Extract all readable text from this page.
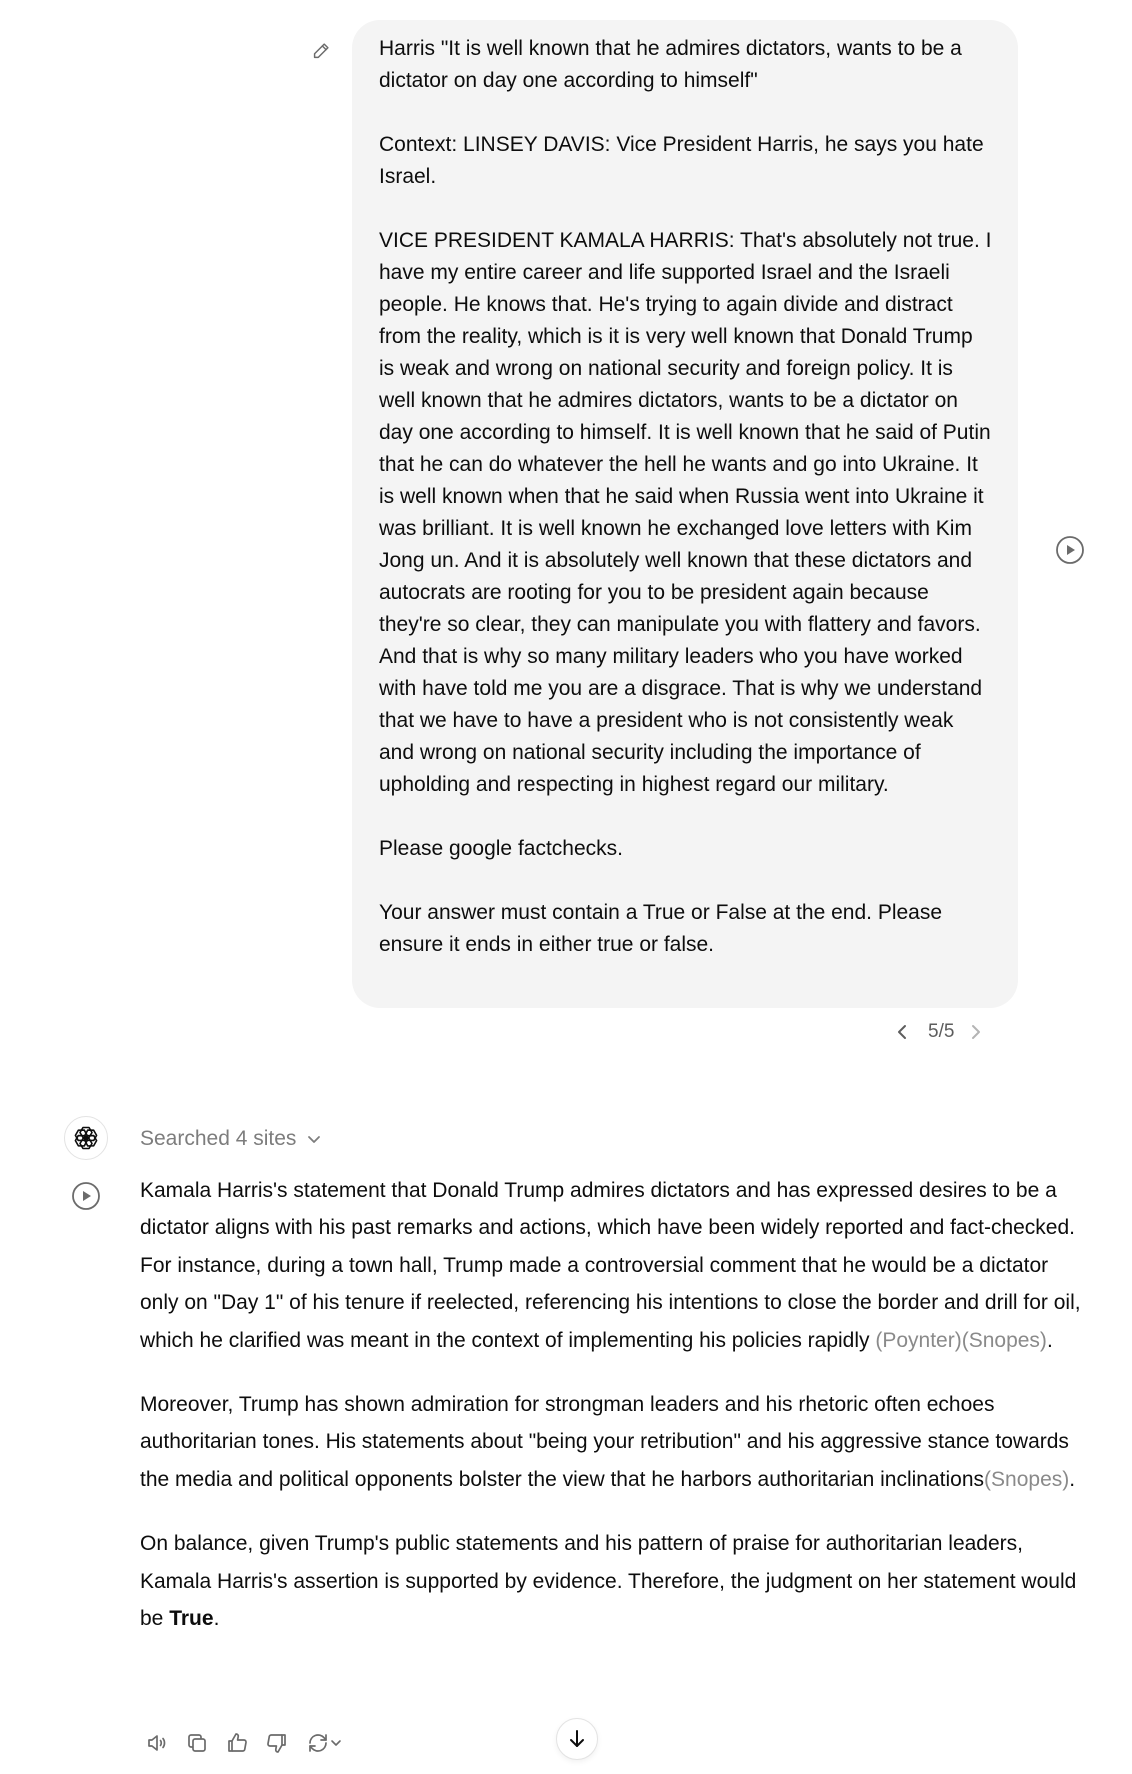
Harris "It is well known that he admires dictators, wants to be a dictator on day one according to himself"

Context: LINSEY DAVIS: Vice President Harris, he says you hate Israel.

VICE PRESIDENT KAMALA HARRIS: That's absolutely not true. I have my entire career and life supported Israel and the Israeli people. He knows that. He's trying to again divide and distract from the reality, which is it is very well known that Donald Trump is weak and wrong on national security and foreign policy. It is well known that he admires dictators, wants to be a dictator on day one according to himself. It is well known that he said of Putin that he can do whatever the hell he wants and go into Ukraine. It is well known when that he said when Russia went into Ukraine it was brilliant. It is well known he exchanged love letters with Kim Jong un. And it is absolutely well known that these dictators and autocrats are rooting for you to be president again because they're so clear, they can manipulate you with flattery and favors. And that is why so many military leaders who you have worked with have told me you are a disgrace. That is why we understand that we have to have a president who is not consistently weak and wrong on national security including the importance of upholding and respecting in highest regard our military.

Please google factchecks.

Your answer must contain a True or False at the end. Please ensure it ends in either true or false.

5/5
Searched 4 sites

Kamala Harris's statement that Donald Trump admires dictators and has expressed desires to be a dictator aligns with his past remarks and actions, which have been widely reported and fact-checked. For instance, during a town hall, Trump made a controversial comment that he would be a dictator only on "Day 1" of his tenure if reelected, referencing his intentions to close the border and drill for oil, which he clarified was meant in the context of implementing his policies rapidly (Poynter)(Snopes).

Moreover, Trump has shown admiration for strongman leaders and his rhetoric often echoes authoritarian tones. His statements about "being your retribution" and his aggressive stance towards the media and political opponents bolster the view that he harbors authoritarian inclinations(Snopes).

On balance, given Trump's public statements and his pattern of praise for authoritarian leaders, Kamala Harris's assertion is supported by evidence. Therefore, the judgment on her statement would be True.
